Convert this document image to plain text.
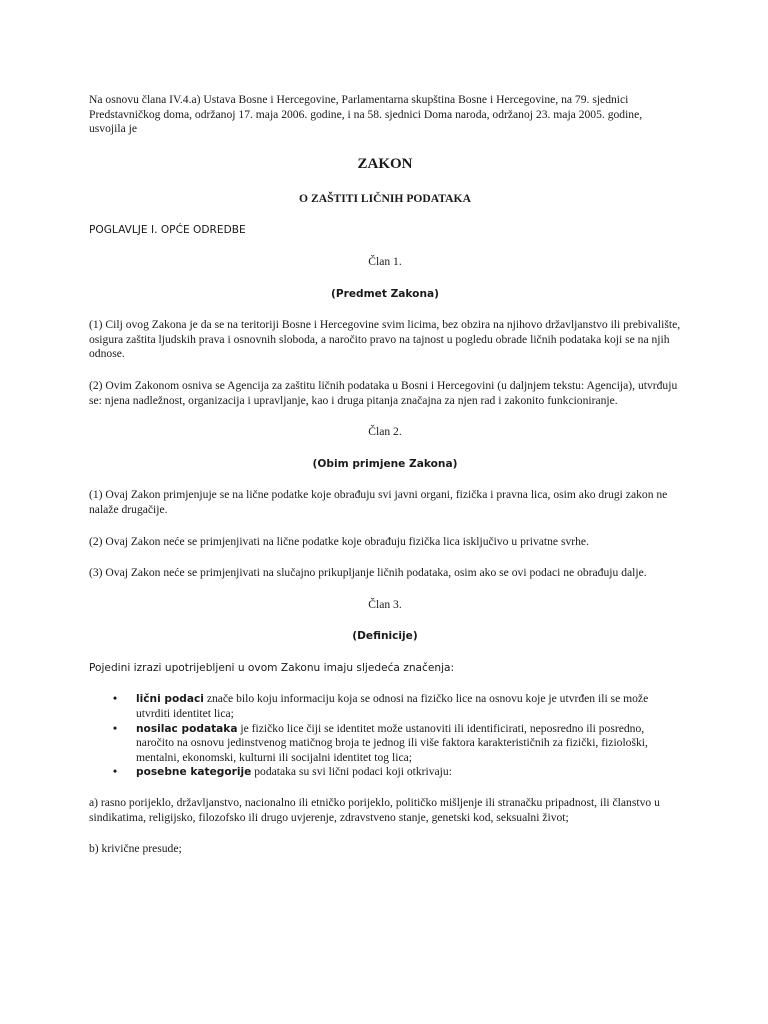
Na osnovu člana IV.4.a) Ustava Bosne i Hercegovine, Parlamentarna skupština Bosne i Hercegovine, na 79. sjednici Predstavničkog doma, održanoj 17. maja 2006. godine, i na 58. sjednici Doma naroda, održanoj 23. maja 2005. godine, usvojila je

ZAKON

O ZAŠTITI LIČNIH PODATAKA

POGLAVLJE I. OPĆE ODREDBE

Član 1.

(Predmet Zakona)

(1) Cilj ovog Zakona je da se na teritoriji Bosne i Hercegovine svim licima, bez obzira na njihovo državljanstvo ili prebivalište, osigura zaštita ljudskih prava i osnovnih sloboda, a naročito pravo na tajnost u pogledu obrade ličnih podataka koji se na njih odnose.

(2) Ovim Zakonom osniva se Agencija za zaštitu ličnih podataka u Bosni i Hercegovini (u daljnjem tekstu: Agencija), utvrđuju se: njena nadležnost, organizacija i upravljanje, kao i druga pitanja značajna za njen rad i zakonito funkcioniranje.

Član 2.

(Obim primjene Zakona)

(1) Ovaj Zakon primjenjuje se na lične podatke koje obrađuju svi javni organi, fizička i pravna lica, osim ako drugi zakon ne nalaže drugačije.

(2) Ovaj Zakon neće se primjenjivati na lične podatke koje obrađuju fizička lica isključivo u privatne svrhe.

(3) Ovaj Zakon neće se primjenjivati na slučajno prikupljanje ličnih podataka, osim ako se ovi podaci ne obrađuju dalje.

Član 3.

(Definicije)

Pojedini izrazi upotrijebljeni u ovom Zakonu imaju sljedeća značenja:

• lični podaci znače bilo koju informaciju koja se odnosi na fizičko lice na osnovu koje je utvrđen ili se može utvrditi identitet lica;
• nosilac podataka je fizičko lice čiji se identitet može ustanoviti ili identificirati, neposredno ili posredno, naročito na osnovu jedinstvenog matičnog broja te jednog ili više faktora karakterističnih za fizički, fiziološki, mentalni, ekonomski, kulturni ili socijalni identitet tog lica;
• posebne kategorije podataka su svi lični podaci koji otkrivaju:

a) rasno porijeklo, državljanstvo, nacionalno ili etničko porijeklo, političko mišljenje ili stranačku pripadnost, ili članstvo u sindikatima, religijsko, filozofsko ili drugo uvjerenje, zdravstveno stanje, genetski kod, seksualni život;

b) krivične presude;
